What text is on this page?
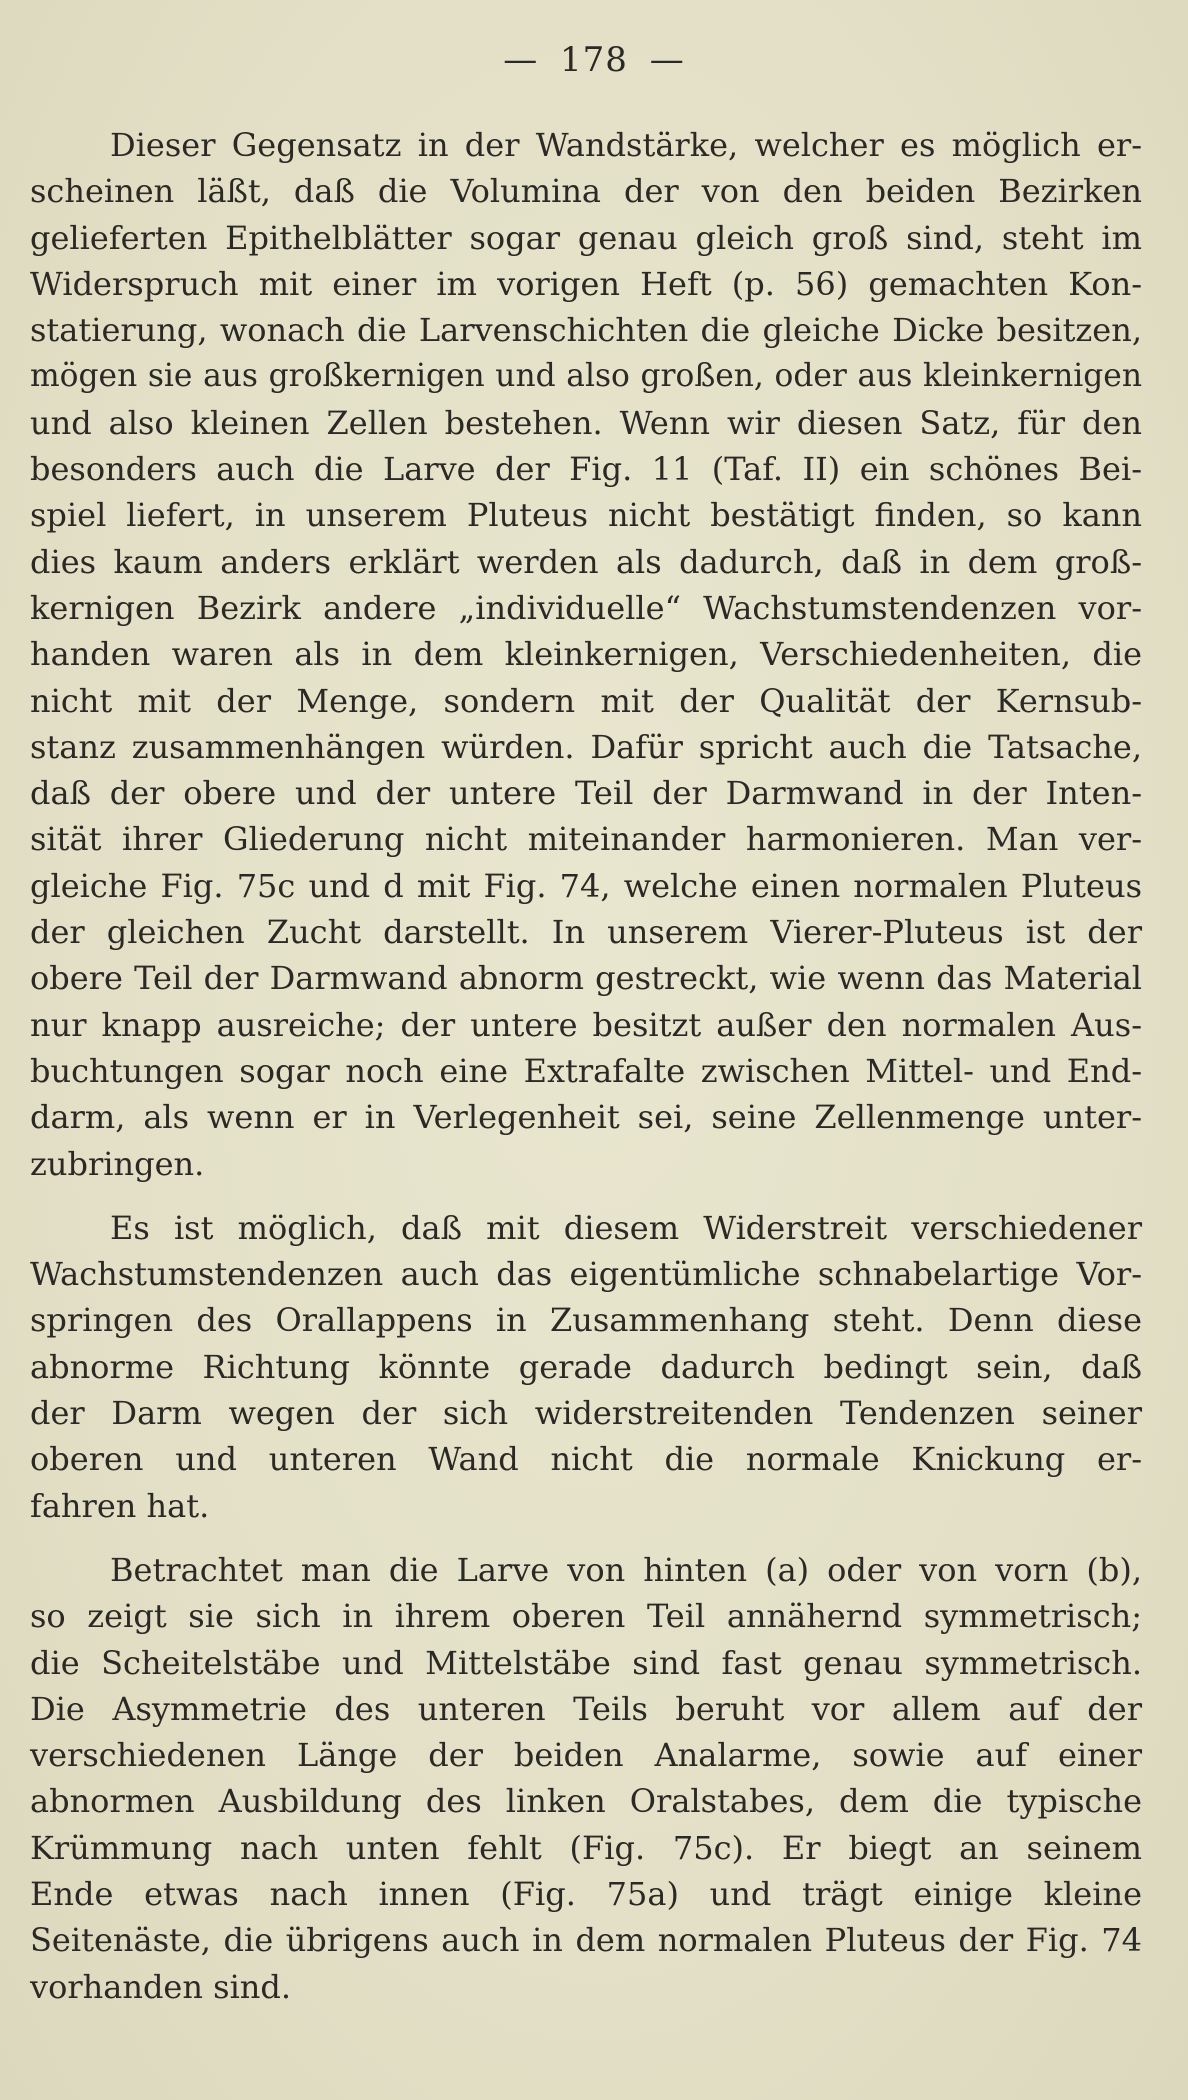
— 178 —
Dieser Gegensatz in der Wandstärke, welcher es möglich er-
scheinen läßt, daß die Volumina der von den beiden Bezirken
gelieferten Epithelblätter sogar genau gleich groß sind, steht im
Widerspruch mit einer im vorigen Heft (p. 56) gemachten Kon-
statierung, wonach die Larvenschichten die gleiche Dicke besitzen,
mögen sie aus großkernigen und also großen, oder aus kleinkernigen
und also kleinen Zellen bestehen. Wenn wir diesen Satz, für den
besonders auch die Larve der Fig. 11 (Taf. II) ein schönes Bei-
spiel liefert, in unserem Pluteus nicht bestätigt finden, so kann
dies kaum anders erklärt werden als dadurch, daß in dem groß-
kernigen Bezirk andere „individuelle“ Wachstumstendenzen vor-
handen waren als in dem kleinkernigen, Verschiedenheiten, die
nicht mit der Menge, sondern mit der Qualität der Kernsub-
stanz zusammenhängen würden. Dafür spricht auch die Tatsache,
daß der obere und der untere Teil der Darmwand in der Inten-
sität ihrer Gliederung nicht miteinander harmonieren. Man ver-
gleiche Fig. 75c und d mit Fig. 74, welche einen normalen Pluteus
der gleichen Zucht darstellt. In unserem Vierer-Pluteus ist der
obere Teil der Darmwand abnorm gestreckt, wie wenn das Material
nur knapp ausreiche; der untere besitzt außer den normalen Aus-
buchtungen sogar noch eine Extrafalte zwischen Mittel- und End-
darm, als wenn er in Verlegenheit sei, seine Zellenmenge unter-
zubringen.
Es ist möglich, daß mit diesem Widerstreit verschiedener
Wachstumstendenzen auch das eigentümliche schnabelartige Vor-
springen des Orallappens in Zusammenhang steht. Denn diese
abnorme Richtung könnte gerade dadurch bedingt sein, daß
der Darm wegen der sich widerstreitenden Tendenzen seiner
oberen und unteren Wand nicht die normale Knickung er-
fahren hat.
Betrachtet man die Larve von hinten (a) oder von vorn (b),
so zeigt sie sich in ihrem oberen Teil annähernd symmetrisch;
die Scheitelstäbe und Mittelstäbe sind fast genau symmetrisch.
Die Asymmetrie des unteren Teils beruht vor allem auf der
verschiedenen Länge der beiden Analarme, sowie auf einer
abnormen Ausbildung des linken Oralstabes, dem die typische
Krümmung nach unten fehlt (Fig. 75c). Er biegt an seinem
Ende etwas nach innen (Fig. 75a) und trägt einige kleine
Seitenäste, die übrigens auch in dem normalen Pluteus der Fig. 74
vorhanden sind.
